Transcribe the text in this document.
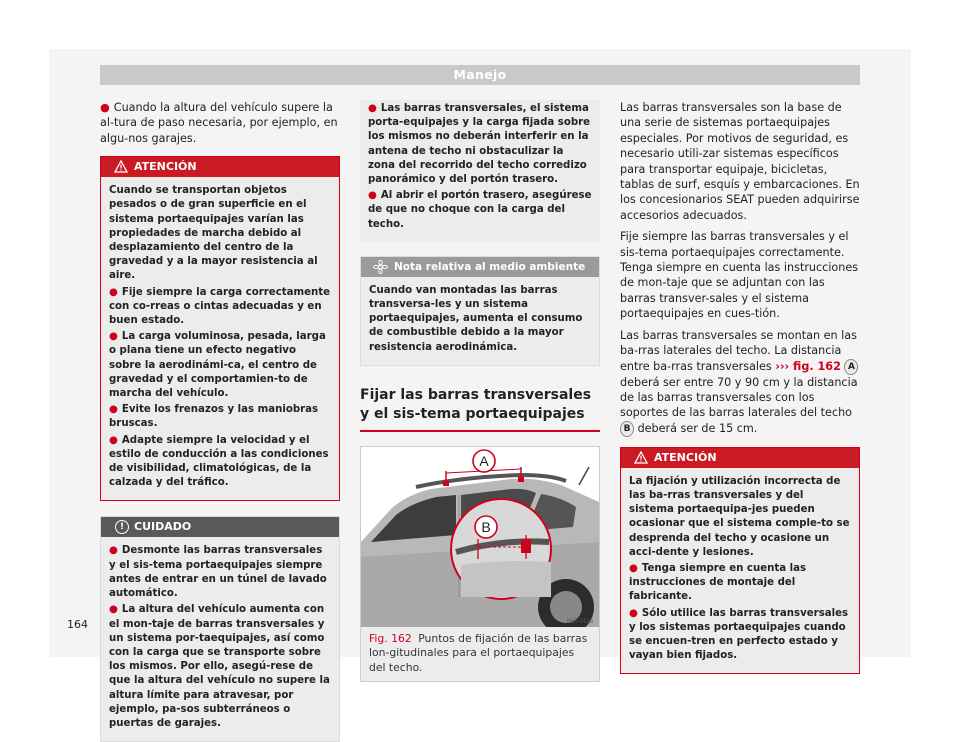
Manejo

● Cuando la altura del vehículo supere la al-tura de paso necesaria, por ejemplo, en algu-nos garajes.

ATENCIÓN

Cuando se transportan objetos pesados o de gran superficie en el sistema portaequipajes varían las propiedades de marcha debido al desplazamiento del centro de la gravedad y a la mayor resistencia al aire.

● Fije siempre la carga correctamente con co-rreas o cintas adecuadas y en buen estado.

● La carga voluminosa, pesada, larga o plana tiene un efecto negativo sobre la aerodinámi-ca, el centro de gravedad y el comportamien-to de marcha del vehículo.

● Evite los frenazos y las maniobras bruscas.

● Adapte siempre la velocidad y el estilo de conducción a las condiciones de visibilidad, climatológicas, de la calzada y del tráfico.

! CUIDADO

● Desmonte las barras transversales y el sis-tema portaequipajes siempre antes de entrar en un túnel de lavado automático.

● La altura del vehículo aumenta con el mon-taje de barras transversales y un sistema por-taequipajes, así como con la carga que se transporte sobre los mismos. Por ello, asegú-rese de que la altura del vehículo no supere la altura límite para atravesar, por ejemplo, pa-sos subterráneos o puertas de garajes.

● Las barras transversales, el sistema porta-equipajes y la carga fijada sobre los mismos no deberán interferir en la antena de techo ni obstaculizar la zona del recorrido del techo corredizo panorámico y del portón trasero.

● Al abrir el portón trasero, asegúrese de que no choque con la carga del techo.

Nota relativa al medio ambiente

Cuando van montadas las barras transversa-les y un sistema portaequipajes, aumenta el consumo de combustible debido a la mayor resistencia aerodinámica.

Fijar las barras transversales y el sis-tema portaequipajes
A
B
B5T-0123
Fig. 162 Puntos de fijación de las barras lon-gitudinales para el portaequipajes del techo.

Las barras transversales son la base de una serie de sistemas portaequipajes especiales. Por motivos de seguridad, es necesario utili-zar sistemas específicos para transportar equipaje, bicicletas, tablas de surf, esquís y embarcaciones. En los concesionarios SEAT pueden adquirirse accesorios adecuados.

Fije siempre las barras transversales y el sis-tema portaequipajes correctamente. Tenga siempre en cuenta las instrucciones de mon-taje que se adjuntan con las barras transver-sales y el sistema portaequipajes en cues-tión.

Las barras transversales se montan en las ba-rras laterales del techo. La distancia entre ba-rras transversales ››› fig. 162 A deberá ser entre 70 y 90 cm y la distancia de las barras transversales con los soportes de las barras laterales del techo B deberá ser de 15 cm.

ATENCIÓN

La fijación y utilización incorrecta de las ba-rras transversales y del sistema portaequipa-jes pueden ocasionar que el sistema comple-to se desprenda del techo y ocasione un acci-dente y lesiones.

● Tenga siempre en cuenta las instrucciones de montaje del fabricante.

● Sólo utilice las barras transversales y los sistemas portaequipajes cuando se encuen-tren en perfecto estado y vayan bien fijados.

164
